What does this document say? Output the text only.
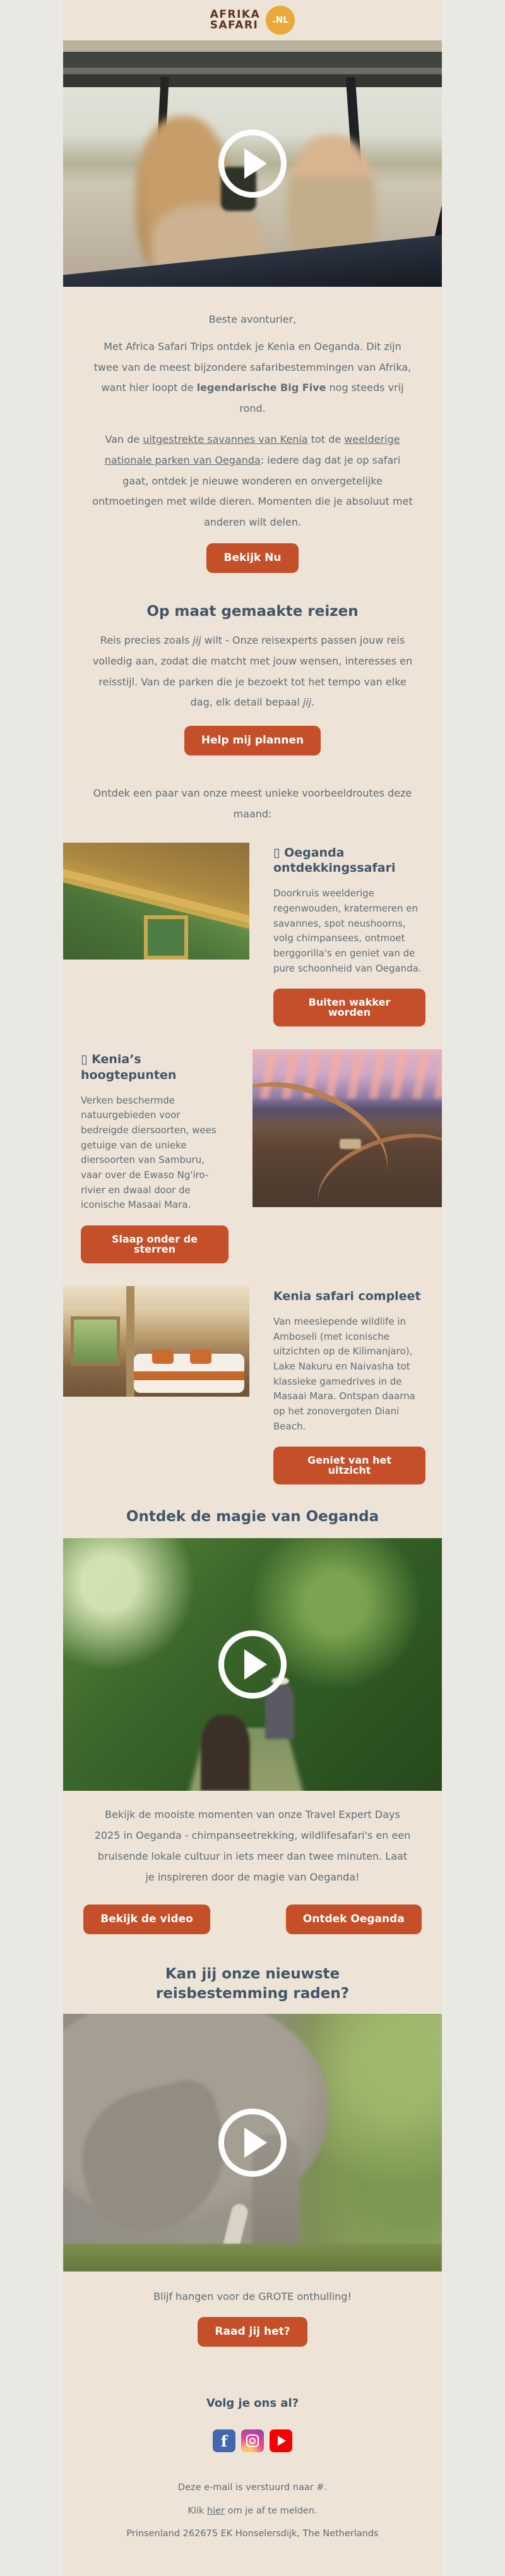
AFRIKA
SAFARI	.NL

Beste avonturier,

Met Africa Safari Trips ontdek je Kenia en Oeganda. Dit zijn twee van de meest bijzondere safaribestemmingen van Afrika, want hier loopt de legendarische Big Five nog steeds vrij rond.

Van de uitgestrekte savannes van Kenia tot de weelderige nationale parken van Oeganda: iedere dag dat je op safari gaat, ontdek je nieuwe wonderen en onvergetelijke ontmoetingen met wilde dieren. Momenten die je absoluut met anderen wilt delen.

Bekijk Nu
Op maat gemaakte reizen

Reis precies zoals jij wilt - Onze reisexperts passen jouw reis volledig aan, zodat die matcht met jouw wensen, interesses en reisstijl. Van de parken die je bezoekt tot het tempo van elke dag, elk detail bepaal jij.

Help mij plannen

Ontdek een paar van onze meest unieke voorbeeldroutes deze maand:

▯ Oeganda ontdekkingssafari

Doorkruis weelderige regenwouden, kratermeren en savannes, spot neushoorns, volg chimpansees, ontmoet berggorilla's en geniet van de pure schoonheid van Oeganda.

Buiten wakker worden
▯ Kenia’s hoogtepunten

Verken beschermde natuurgebieden voor bedreigde diersoorten, wees getuige van de unieke diersoorten van Samburu, vaar over de Ewaso Ng'iro-rivier en dwaal door de iconische Masaai Mara.

Slaap onder de sterren
Kenia safari compleet

Van meeslepende wildlife in Amboseli (met iconische uitzichten op de Kilimanjaro), Lake Nakuru en Naivasha tot klassieke gamedrives in de Masaai Mara. Ontspan daarna op het zonovergoten Diani Beach.

Geniet van het uitzicht
Ontdek de magie van Oeganda

Bekijk de mooiste momenten van onze Travel Expert Days 2025 in Oeganda - chimpanseetrekking, wildlifesafari's en een bruisende lokale cultuur in iets meer dan twee minuten. Laat je inspireren door de magie van Oeganda!

Bekijk de video	Ontdek Oeganda
Kan jij onze nieuwste reisbestemming raden?

Blijf hangen voor de GROTE onthulling!

Raad jij het?
Volg je ons al?
f

Deze e-mail is verstuurd naar #.

Klik hier om je af te melden.

Prinsenland 262675 EK Honselersdijk, The Netherlands
